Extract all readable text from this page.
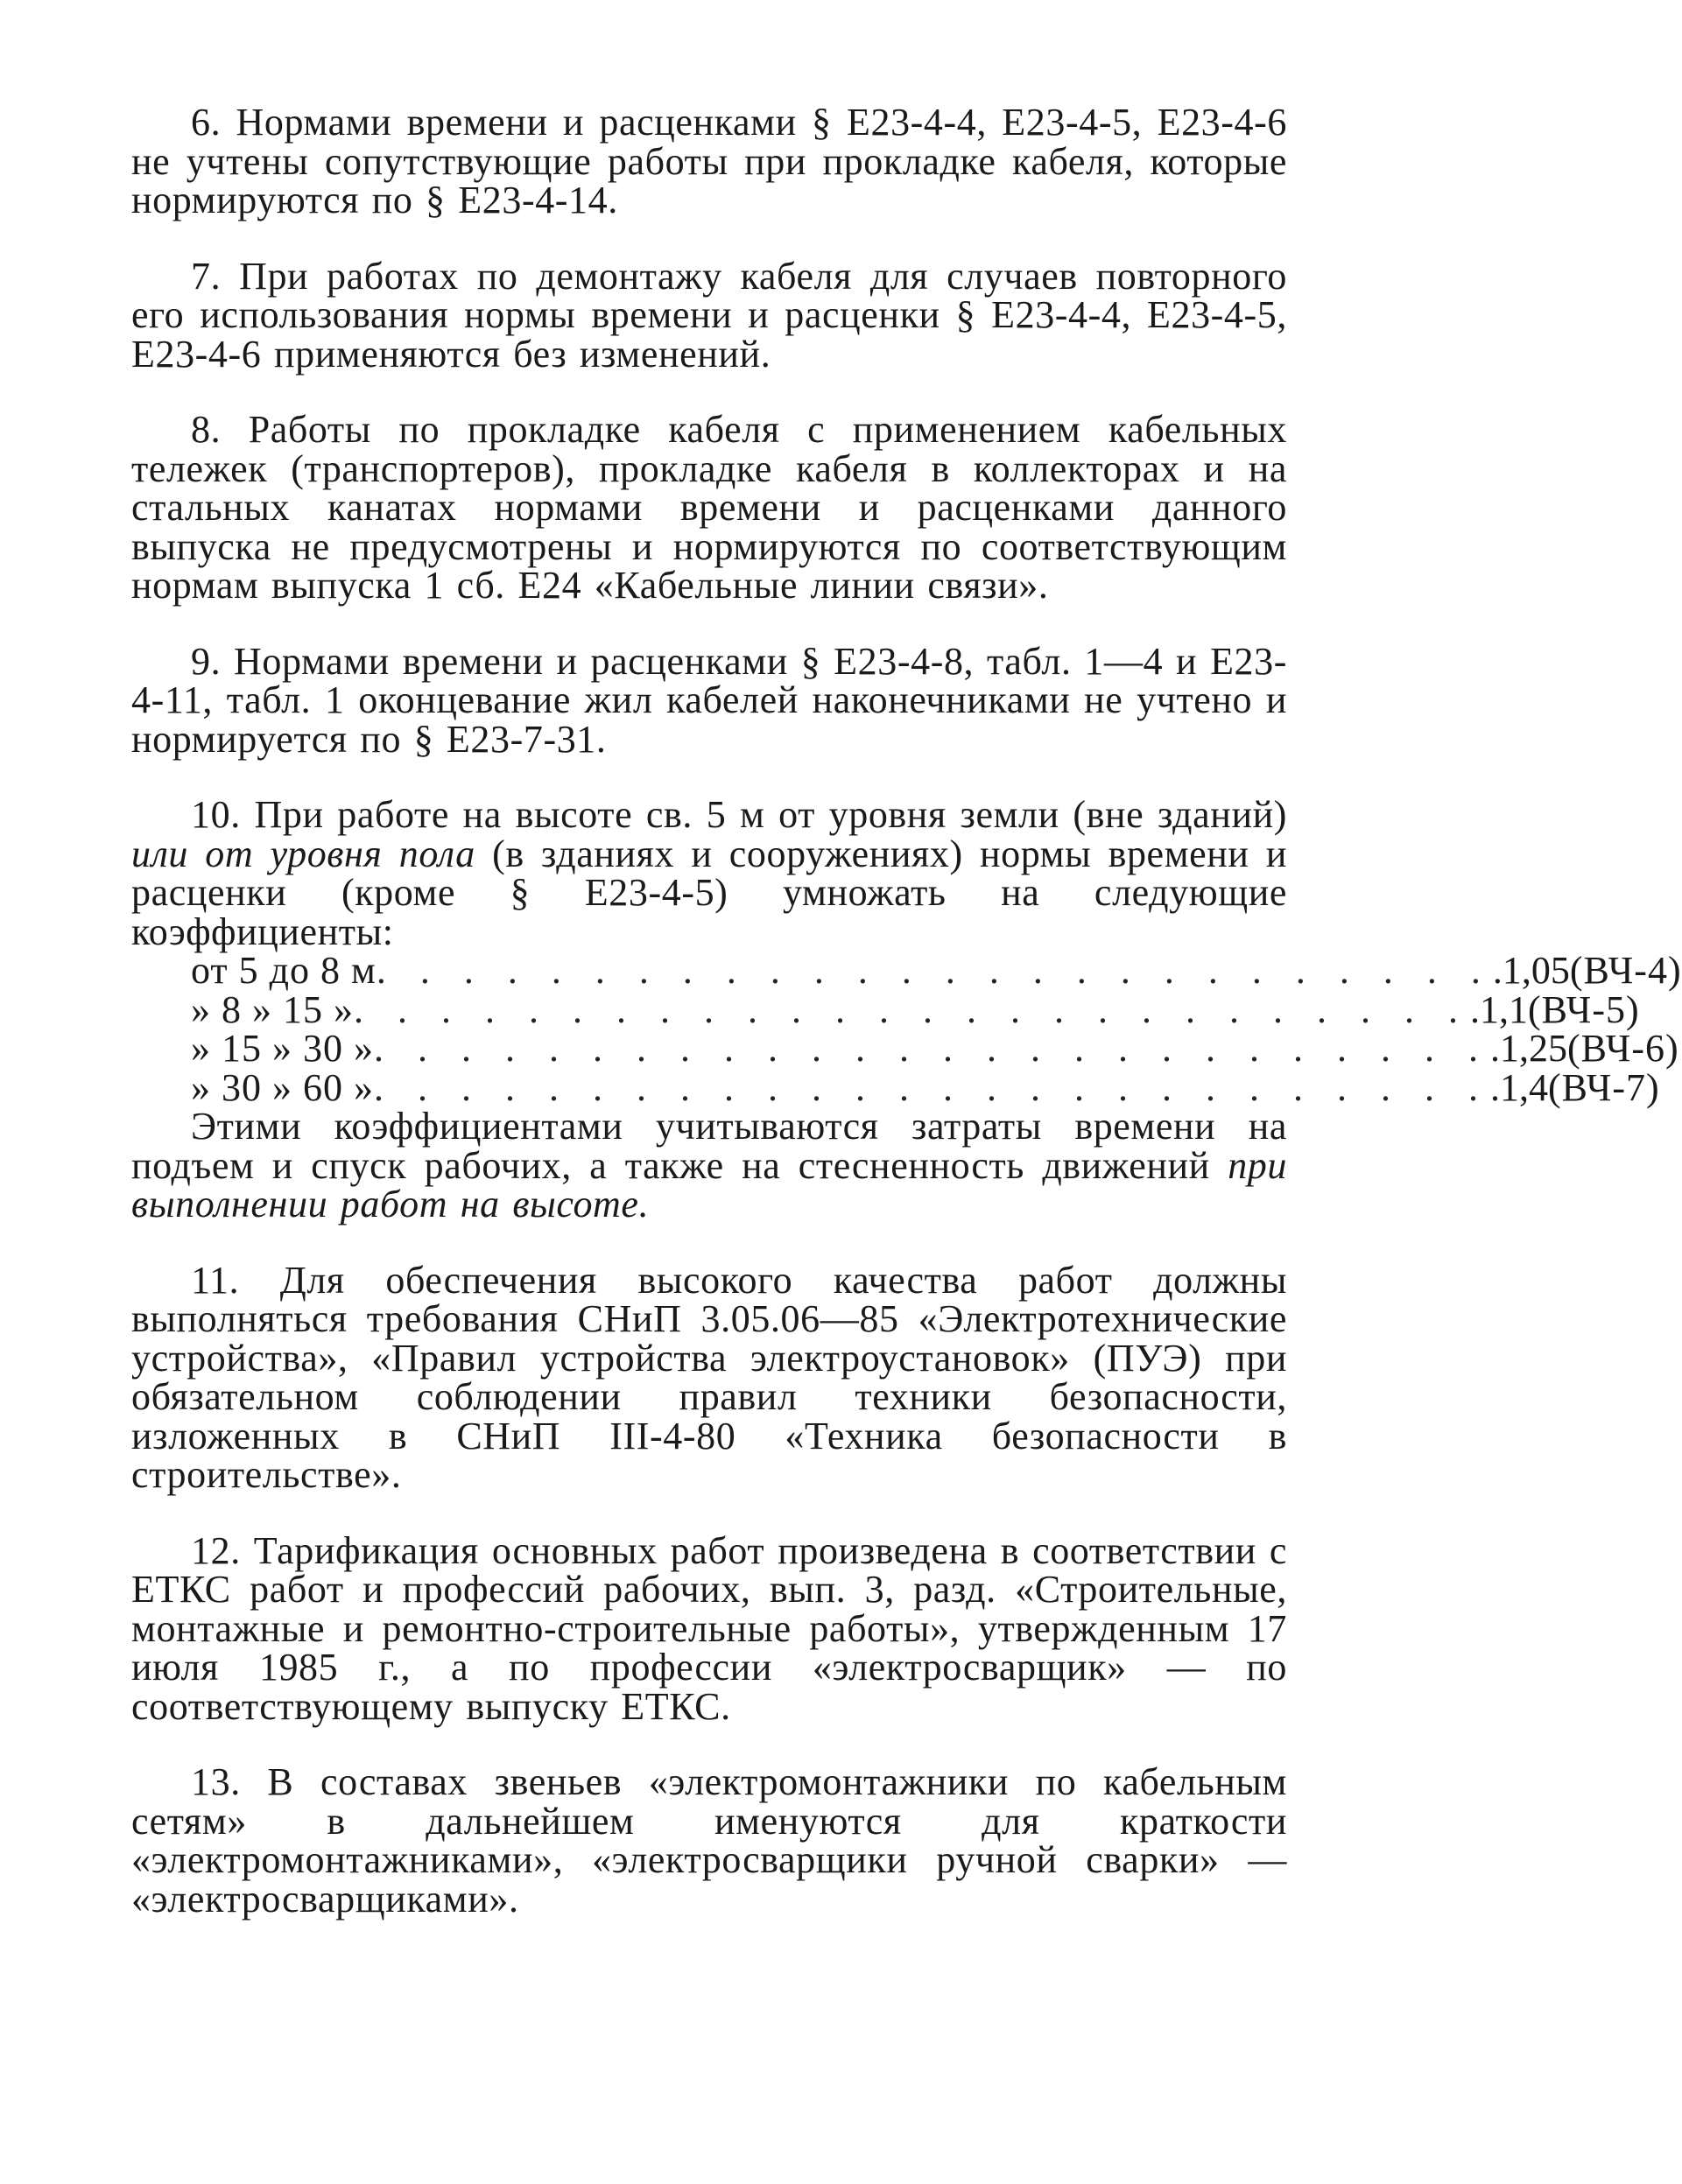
6. Нормами времени и расценками § Е23-4-4, Е23-4-5, Е23-4-6 не учтены сопутствующие работы при прокладке кабеля, которые нормируются по § Е23-4-14.

7. При работах по демонтажу кабеля для случаев повторного его использования нормы времени и расценки § Е23-4-4, Е23-4-5, Е23-4-6 применяются без изменений.

8. Работы по прокладке кабеля с применением кабельных тележек (транспортеров), прокладке кабеля в коллекторах и на стальных канатах нормами времени и расценками данного выпуска не предусмотрены и нормируются по соответствующим нормам выпуска 1 сб. Е24 «Кабельные линии связи».

9. Нормами времени и расценками § Е23-4-8, табл. 1—4 и Е23-4-11, табл. 1 оконцевание жил кабелей наконечниками не учтено и нормируется по § Е23-7-31.

10. При работе на высоте св. 5 м от уровня земли (вне зданий) или от уровня пола (в зданиях и сооружениях) нормы времени и расценки (кроме § Е23-4-5) умножать на следующие коэффициенты:

от 5 до 8 м . . . . . . . . . . . . . . . . . . . . . . . . . . .1,05 (ВЧ-4)
» 8 » 15 » . . . . . . . . . . . . . . . . . . . . . . . . . . .1,1 (ВЧ-5)
» 15 » 30 » . . . . . . . . . . . . . . . . . . . . . . . . . . .1,25 (ВЧ-6)
» 30 » 60 » . . . . . . . . . . . . . . . . . . . . . . . . . . .1,4 (ВЧ-7)

Этими коэффициентами учитываются затраты времени на подъем и спуск рабочих, а также на стесненность движений при выполнении работ на высоте.

11. Для обеспечения высокого качества работ должны выполняться требования СНиП 3.05.06—85 «Электротехнические устройства», «Правил устройства электроустановок» (ПУЭ) при обязательном соблюдении правил техники безопасности, изложенных в СНиП III-4-80 «Техника безопасности в строительстве».

12. Тарификация основных работ произведена в соответствии с ЕТКС работ и профессий рабочих, вып. 3, разд. «Строительные, монтажные и ремонтно-строительные работы», утвержденным 17 июля 1985 г., а по профессии «электросварщик» — по соответствующему выпуску ЕТКС.

13. В составах звеньев «электромонтажники по кабельным сетям» в дальнейшем именуются для краткости «электромонтажниками», «электросварщики ручной сварки» — «электросварщиками».
